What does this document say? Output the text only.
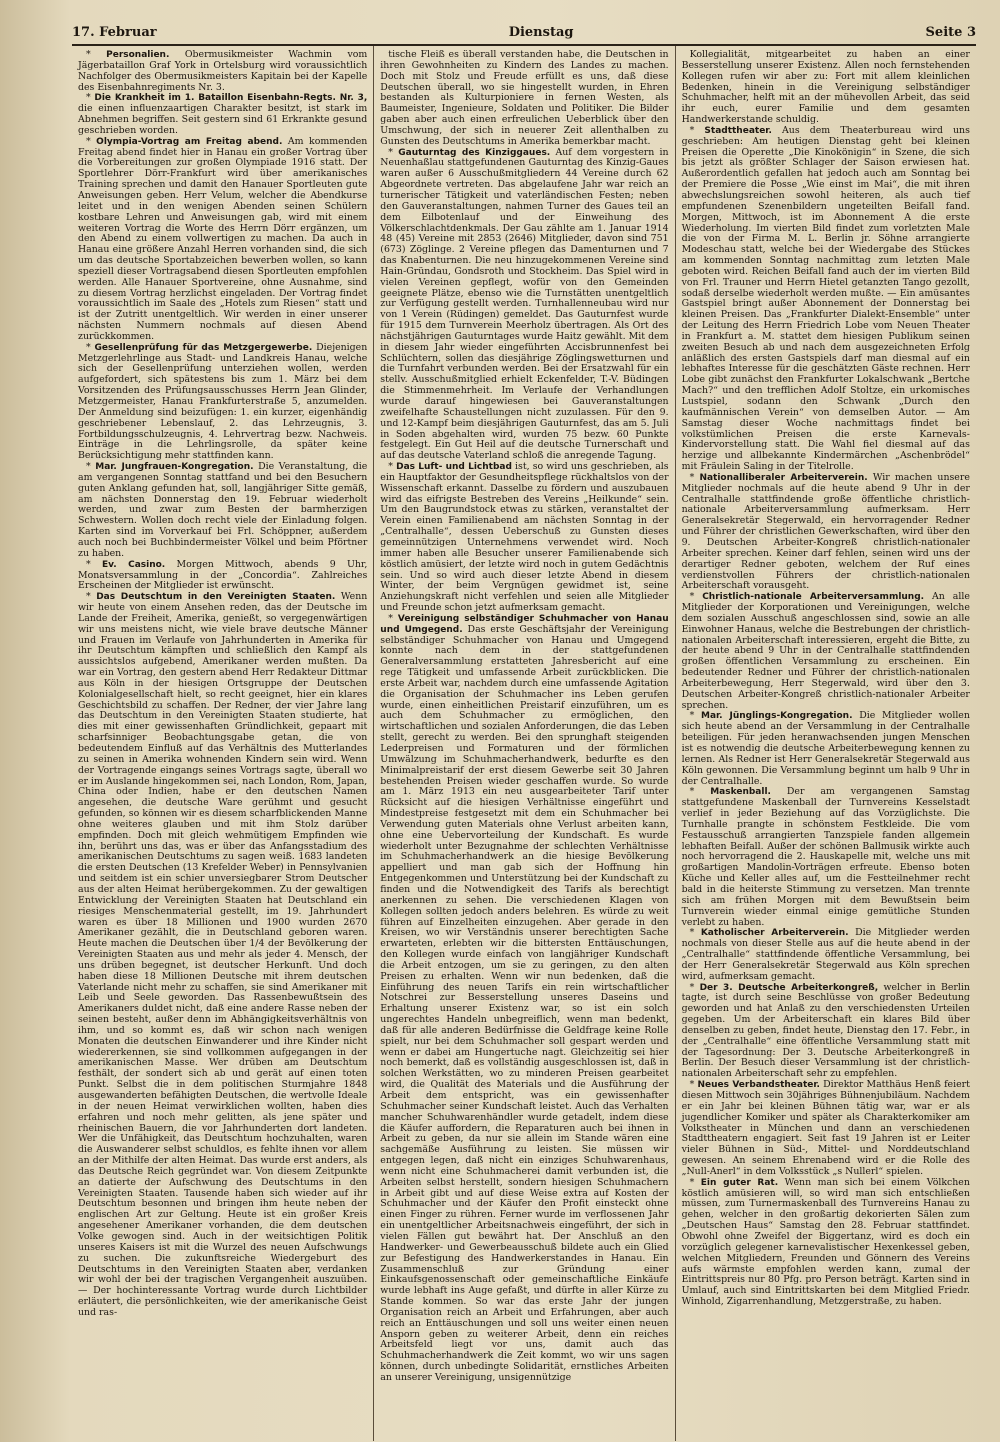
17. Februar	Dienstag	Seite 3

* Personalien. Obermusikmeister Wachmin vom Jägerbataillon Graf York in Ortelsburg wird voraussichtlich Nachfolger des Obermusikmeisters Kapitain bei der Kapelle des Eisenbahnregiments Nr. 3.

* Die Krankheit im 1. Bataillon Eisenbahn-Regts. Nr. 3, die einen influenzaartigen Charakter besitzt, ist stark im Abnehmen begriffen. Seit gestern sind 61 Erkrankte gesund geschrieben worden.

* Olympia-Vortrag am Freitag abend. Am kommenden Freitag abend findet hier in Hanau ein großer Vortrag über die Vorbereitungen zur großen Olympiade 1916 statt. Der Sportlehrer Dörr-Frankfurt wird über amerikanisches Training sprechen und damit den Hanauer Sportleuten gute Anweisungen geben. Herr Velum, welcher die Abendkurse leitet und in den wenigen Abenden seinen Schülern kostbare Lehren und Anweisungen gab, wird mit einem weiteren Vortrag die Worte des Herrn Dörr ergänzen, um den Abend zu einem vollwertigen zu machen. Da auch in Hanau eine größere Anzahl Herren vorhanden sind, die sich um das deutsche Sportabzeichen bewerben wollen, so kann speziell dieser Vortragsabend diesen Sportleuten empfohlen werden. Alle Hanauer Sportvereine, ohne Ausnahme, sind zu diesem Vortrag herzlichst eingeladen. Der Vortrag findet voraussichtlich im Saale des „Hotels zum Riesen“ statt und ist der Zutritt unentgeltlich. Wir werden in einer unserer nächsten Nummern nochmals auf diesen Abend zurückkommen.

* Gesellenprüfung für das Metzgergewerbe. Diejenigen Metzgerlehrlinge aus Stadt- und Landkreis Hanau, welche sich der Gesellenprüfung unterziehen wollen, werden aufgefordert, sich spätestens bis zum 1. März bei dem Vorsitzenden des Prüfungsausschusses Herrn Jean Glinder, Metzgermeister, Hanau Frankfurterstraße 5, anzumelden. Der Anmeldung sind beizufügen: 1. ein kurzer, eigenhändig geschriebener Lebenslauf, 2. das Lehrzeugnis, 3. Fortbildungsschulzeugnis, 4. Lehrvertrag bezw. Nachweis. Einträge in die Lehrlingsrolle, da später keine Berücksichtigung mehr stattfinden kann.

* Mar. Jungfrauen-Kongregation. Die Veranstaltung, die am vergangenen Sonntag stattfand und bei den Besuchern guten Anklang gefunden hat, soll, langjähriger Sitte gemäß, am nächsten Donnerstag den 19. Februar wiederholt werden, und zwar zum Besten der barmherzigen Schwestern. Wollen doch recht viele der Einladung folgen. Karten sind im Vorverkauf bei Frl. Schöppner, außerdem auch noch bei Buchbindermeister Völkel und beim Pförtner zu haben.

* Ev. Casino. Morgen Mittwoch, abends 9 Uhr, Monatsversammlung in der „Concordia“. Zahlreiches Erscheinen der Mitglieder ist erwünscht.

* Das Deutschtum in den Vereinigten Staaten. Wenn wir heute von einem Ansehen reden, das der Deutsche im Lande der Freiheit, Amerika, genießt, so vergegenwärtigen wir uns meistens nicht, wie viele brave deutsche Männer und Frauen im Verlaufe von Jahrhunderten in Amerika für ihr Deutschtum kämpften und schließlich den Kampf als aussichtslos aufgebend, Amerikaner werden mußten. Da war ein Vortrag, den gestern abend Herr Redakteur Dittmar aus Köln in der hiesigen Ortsgruppe der Deutschen Kolonialgesellschaft hielt, so recht geeignet, hier ein klares Geschichtsbild zu schaffen. Der Redner, der vier Jahre lang das Deutschtum in den Vereinigten Staaten studierte, hat dies mit einer gewissenhaften Gründlichkeit, gepaart mit scharfsinniger Beobachtungsgabe getan, die von bedeutendem Einfluß auf das Verhältnis des Mutterlandes zu seinen in Amerika wohnenden Kindern sein wird. Wenn der Vortragende eingangs seines Vortrags sagte, überall wo er im Auslande hingekommen sei, nach London, Rom, Japan, China oder Indien, habe er den deutschen Namen angesehen, die deutsche Ware gerühmt und gesucht gefunden, so können wir es diesem scharfblickenden Manne ohne weiteres glauben und mit ihm Stolz darüber empfinden. Doch mit gleich wehmütigem Empfinden wie ihn, berührt uns das, was er über das Anfangsstadium des amerikanischen Deutschtums zu sagen weiß. 1683 landeten die ersten Deutschen (13 Krefelder Weber) in Pennsylvanien und seitdem ist ein schier unversiegbarer Strom Deutscher aus der alten Heimat herübergekommen. Zu der gewaltigen Entwicklung der Vereinigten Staaten hat Deutschland ein riesiges Menschenmaterial gestellt, im 19. Jahrhundert waren es über 18 Millionen und 1900 wurden 2670 Amerikaner gezählt, die in Deutschland geboren waren. Heute machen die Deutschen über 1/4 der Bevölkerung der Vereinigten Staaten aus und mehr als jeder 4. Mensch, der uns drüben begegnet, ist deutscher Herkunft. Und doch haben diese 18 Millionen Deutsche mit ihrem deutschen Vaterlande nicht mehr zu schaffen, sie sind Amerikaner mit Leib und Seele geworden. Das Rassenbewußtsein des Amerikaners duldet nicht, daß eine andere Rasse neben der seinen besteht, außer denn im Abhängigkeitsverhältnis von ihm, und so kommt es, daß wir schon nach wenigen Monaten die deutschen Einwanderer und ihre Kinder nicht wiedererkennen, sie sind vollkommen aufgegangen in der amerikanischen Masse. Wer drüben am Deutschtum festhält, der sondert sich ab und gerät auf einen toten Punkt. Selbst die in dem politischen Sturmjahre 1848 ausgewanderten befähigten Deutschen, die wertvolle Ideale in der neuen Heimat verwirklichen wollten, haben dies erfahren und noch mehr gelitten, als jene später und rheinischen Bauern, die vor Jahrhunderten dort landeten. Wer die Unfähigkeit, das Deutschtum hochzuhalten, waren die Auswanderer selbst schuldlos, es fehlte ihnen vor allem an der Mithilfe der alten Heimat. Das wurde erst anders, als das Deutsche Reich gegründet war. Von diesem Zeitpunkte an datierte der Aufschwung des Deutschtums in den Vereinigten Staaten. Tausende haben sich wieder auf ihr Deutschtum besonnen und bringen ihm heute neben der englischen Art zur Geltung. Heute ist ein großer Kreis angesehener Amerikaner vorhanden, die dem deutschen Volke gewogen sind. Auch in der weitsichtigen Politik unseres Kaisers ist mit die Wurzel des neuen Aufschwungs zu suchen. Die zukunftsreiche Wiedergeburt des Deutschtums in den Vereinigten Staaten aber, verdanken wir wohl der bei der tragischen Vergangenheit auszuüben. — Der hochinteressante Vortrag wurde durch Lichtbilder erläutert, die persönlichkeiten, wie der amerikanische Geist und ras-

tische Fleiß es überall verstanden habe, die Deutschen in ihren Gewohnheiten zu Kindern des Landes zu machen. Doch mit Stolz und Freude erfüllt es uns, daß diese Deutschen überall, wo sie hingestellt wurden, in Ehren bestanden als Kulturpioniere in fernen Westen, als Baumeister, Ingenieure, Soldaten und Politiker. Die Bilder gaben aber auch einen erfreulichen Ueberblick über den Umschwung, der sich in neuerer Zeit allenthalben zu Gunsten des Deutschtums in Amerika bemerkbar macht.

* Gauturntag des Kinziggaues. Auf dem vorgestern in Neuenhaßlau stattgefundenen Gauturntag des Kinzig-Gaues waren außer 6 Ausschußmitgliedern 44 Vereine durch 62 Abgeordnete vertreten. Das abgelaufene Jahr war reich an turnerischer Tätigkeit und vaterländischen Festen; neben den Gauveranstaltungen, nahmen Turner des Gaues teil an dem Eilbotenlauf und der Einweihung des Völkerschlachtdenkmals. Der Gau zählte am 1. Januar 1914 48 (45) Vereine mit 2853 (2646) Mitglieder, davon sind 751 (673) Zöglinge. 2 Vereine pflegen das Damenturnen und 7 das Knabenturnen. Die neu hinzugekommenen Vereine sind Hain-Gründau, Gondsroth und Stockheim. Das Spiel wird in vielen Vereinen gepflegt, wofür von den Gemeinden geeignete Plätze, ebenso wie die Turnstätten unentgeltlich zur Verfügung gestellt werden. Turnhallenneubau wird nur von 1 Verein (Rüdingen) gemeldet. Das Gauturnfest wurde für 1915 dem Turnverein Meerholz übertragen. Als Ort des nächstjährigen Gauturntages wurde Haitz gewählt. Mit dem in diesem Jahr wieder eingeführten Accisbrunnenfest bei Schlüchtern, sollen das diesjährige Zöglingswetturnen und die Turnfahrt verbunden werden. Bei der Ersatzwahl für ein stellv. Ausschußmitglied erhielt Eckenfelder, T.-V. Büdingen die Stimmenmehrheit. Im Verlaufe der Verhandlungen wurde darauf hingewiesen bei Gauveranstaltungen zweifelhafte Schaustellungen nicht zuzulassen. Für den 9. und 12-Kampf beim diesjährigen Gauturnfest, das am 5. Juli in Soden abgehalten wird, wurden 75 bezw. 60 Punkte festgelegt. Ein Gut Heil auf die deutsche Turnerschaft und auf das deutsche Vaterland schloß die anregende Tagung.

* Das Luft- und Lichtbad ist, so wird uns geschrieben, als ein Hauptfaktor der Gesundheitspflege rückhaltslos von der Wissenschaft erkannt. Dasselbe zu fördern und auszubauen wird das eifrigste Bestreben des Vereins „Heilkunde“ sein. Um den Baugrundstock etwas zu stärken, veranstaltet der Verein einen Familienabend am nächsten Sonntag in der „Centralhalle“, dessen Ueberschuß zu Gunsten dieses gemeinnützigen Unternehmens verwendet wird. Noch immer haben alle Besucher unserer Familienabende sich köstlich amüsiert, der letzte wird noch in gutem Gedächtnis sein. Und so wird auch dieser letzte Abend in diesem Winter, der beim Vergnügen gewidmet ist, seine Anziehungskraft nicht verfehlen und seien alle Mitglieder und Freunde schon jetzt aufmerksam gemacht.

* Vereinigung selbständiger Schuhmacher von Hanau und Umgegend. Das erste Geschäftsjahr der Vereinigung selbständiger Schuhmacher von Hanau und Umgegend konnte nach dem in der stattgefundenen Generalversammlung erstatteten Jahresbericht auf eine rege Tätigkeit und umfassende Arbeit zurückblicken. Die erste Arbeit war, nachdem durch eine umfassende Agitation die Organisation der Schuhmacher ins Leben gerufen wurde, einen einheitlichen Preistarif einzuführen, um es auch dem Schuhmacher zu ermöglichen, den wirtschaftlichen und sozialen Anforderungen, die das Leben stellt, gerecht zu werden. Bei den sprunghaft steigenden Lederpreisen und Formaturen und der förmlichen Umwälzung im Schuhmacherhandwerk, bedurfte es den Minimalpreistarif der erst diesem Gewerbe seit 30 Jahren bestehenden Preisen wieder geschaffen wurde. So wurde am 1. März 1913 ein neu ausgearbeiteter Tarif unter Rücksicht auf die hiesigen Verhältnisse eingeführt und Mindestpreise festgesetzt mit dem ein Schuhmacher bei Verwendung guten Materials ohne Verlust arbeiten kann, ohne eine Uebervorteilung der Kundschaft. Es wurde wiederholt unter Bezugnahme der schlechten Verhältnisse im Schuhmacherhandwerk an die hiesige Bevölkerung appelliert und man gab sich der Hoffnung hin Entgegenkommen und Unterstützung bei der Kundschaft zu finden und die Notwendigkeit des Tarifs als berechtigt anerkennen zu sehen. Die verschiedenen Klagen von Kollegen sollten jedoch anders belehren. Es würde zu weit führen auf Einzelheiten einzugehen. Aber gerade in den Kreisen, wo wir Verständnis unserer berechtigten Sache erwarteten, erlebten wir die bittersten Enttäuschungen, den Kollegen wurde einfach von langjähriger Kundschaft die Arbeit entzogen, um sie zu geringen, zu den alten Preisen zu erhalten. Wenn wir nun bedenken, daß die Einführung des neuen Tarifs ein rein wirtschaftlicher Notschrei zur Besserstellung unseres Daseins und Erhaltung unserer Existenz war, so ist ein solch ungerechtes Handeln unbegreiflich, wenn man bedenkt, daß für alle anderen Bedürfnisse die Geldfrage keine Rolle spielt, nur bei dem Schuhmacher soll gespart werden und wenn er dabei am Hungertuche nagt. Gleichzeitig sei hier noch bemerkt, daß es vollständig ausgeschlossen ist, daß in solchen Werkstätten, wo zu minderen Preisen gearbeitet wird, die Qualität des Materials und die Ausführung der Arbeit dem entspricht, was ein gewissenhafter Schuhmacher seiner Kundschaft leistet. Auch das Verhalten mancher Schuhwarenhändler wurde getadelt, indem diese die Käufer auffordern, die Reparaturen auch bei ihnen in Arbeit zu geben, da nur sie allein im Stande wären eine sachgemäße Ausführung zu leisten. Sie müssen wir entgegen legen, daß nicht ein einziges Schuhwarenhaus, wenn nicht eine Schuhmacherei damit verbunden ist, die Arbeiten selbst herstellt, sondern hiesigen Schuhmachern in Arbeit gibt und auf diese Weise extra auf Kosten der Schuhmacher und der Käufer den Profit einsteckt ohne einen Finger zu rühren. Ferner wurde im verflossenen Jahr ein unentgeltlicher Arbeitsnachweis eingeführt, der sich in vielen Fällen gut bewährt hat. Der Anschluß an den Handwerker- und Gewerbeausschuß bildete auch ein Glied zur Befestigung des Handwerkerstandes in Hanau. Ein Zusammenschluß zur Gründung einer Einkaufsgenossenschaft oder gemeinschaftliche Einkäufe wurde lebhaft ins Auge gefaßt, und dürfte in aller Kürze zu Stande kommen. So war das erste Jahr der jungen Organisation reich an Arbeit und Erfahrungen, aber auch reich an Enttäuschungen und soll uns weiter einen neuen Ansporn geben zu weiterer Arbeit, denn ein reiches Arbeitsfeld liegt vor uns, damit auch das Schuhmacherhandwerk die Zeit kommt, wo wir uns sagen können, durch unbedingte Solidarität, ernstliches Arbeiten an unserer Vereinigung, unsigennützige

Kollegialität, mitgearbeitet zu haben an einer Besserstellung unserer Existenz. Allen noch fernstehenden Kollegen rufen wir aber zu: Fort mit allem kleinlichen Bedenken, hinein in die Vereinigung selbständiger Schuhmacher, helft mit an der mühevollen Arbeit, das seid ihr euch, eurer Familie und dem gesamten Handwerkerstande schuldig.

* Stadttheater. Aus dem Theaterbureau wird uns geschrieben: Am heutigen Dienstag geht bei kleinen Preisen die Operette „Die Kinokönigin“ in Szene, die sich bis jetzt als größter Schlager der Saison erwiesen hat. Außerordentlich gefallen hat jedoch auch am Sonntag bei der Premiere die Posse „Wie einst im Mai“, die mit ihren abwechslungsreichen sowohl heiteren, als auch tief empfundenen Szenenbildern ungeteilten Beifall fand. Morgen, Mittwoch, ist im Abonnement A die erste Wiederholung. Im vierten Bild findet zum vorletzten Male die von der Firma M. L. Berlin jr. Söhne arrangierte Modeschau statt, welche bei der Wiedergabe des Stückes am kommenden Sonntag nachmittag zum letzten Male geboten wird. Reichen Beifall fand auch der im vierten Bild von Frl. Trauner und Herrn Hietel getanzten Tango gezollt, sodaß derselbe wiederholt werden mußte. — Ein amüsantes Gastspiel bringt außer Abonnement der Donnerstag bei kleinen Preisen. Das „Frankfurter Dialekt-Ensemble“ unter der Leitung des Herrn Friedrich Lobe vom Neuen Theater in Frankfurt a. M. stattet dem hiesigen Publikum seinen zweiten Besuch ab und nach dem ausgezeichneten Erfolg anläßlich des ersten Gastspiels darf man diesmal auf ein lebhaftes Interesse für die geschätzten Gäste rechnen. Herr Lobe gibt zunächst den Frankfurter Lokalschwank „Bertche Mach?“ und den trefflichen Adolf Stoltze, ein urkomisches Lustspiel, sodann den Schwank „Durch den kaufmännischen Verein“ von demselben Autor. — Am Samstag dieser Woche nachmittags findet bei volkstümlichen Preisen die erste Karnevals-Kindervorstellung statt. Die Wahl fiel diesmal auf das herzige und allbekannte Kindermärchen „Aschenbrödel“ mit Fräulein Saling in der Titelrolle.

* Nationalliberaler Arbeiterverein. Wir machen unsere Mitglieder nochmals auf die heute abend 9 Uhr in der Centralhalle stattfindende große öffentliche christlich-nationale Arbeiterversammlung aufmerksam. Herr Generalsekretär Stegerwald, ein hervorragender Redner und Führer der christlichen Gewerkschaften, wird über den 9. Deutschen Arbeiter-Kongreß christlich-nationaler Arbeiter sprechen. Keiner darf fehlen, seinen wird uns der derartiger Redner geboten, welchem der Ruf eines verdienstvollen Führers der christlich-nationalen Arbeiterschaft vorausgeht.

* Christlich-nationale Arbeiterversammlung. An alle Mitglieder der Korporationen und Vereinigungen, welche dem sozialen Ausschuß angeschlossen sind, sowie an alle Einwohner Hanaus, welche die Bestrebungen der christlich-nationalen Arbeiterschaft interessieren, ergeht die Bitte, zu der heute abend 9 Uhr in der Centralhalle stattfindenden großen öffentlichen Versammlung zu erscheinen. Ein bedeutender Redner und Führer der christlich-nationalen Arbeiterbewegung, Herr Stegerwald, wird über den 3. Deutschen Arbeiter-Kongreß christlich-nationaler Arbeiter sprechen.

* Mar. Jünglings-Kongregation. Die Mitglieder wollen sich heute abend an der Versammlung in der Centralhalle beteiligen. Für jeden heranwachsenden jungen Menschen ist es notwendig die deutsche Arbeiterbewegung kennen zu lernen. Als Redner ist Herr Generalsekretär Stegerwald aus Köln gewonnen. Die Versammlung beginnt um halb 9 Uhr in der Centralhalle.

* Maskenball. Der am vergangenen Samstag stattgefundene Maskenball der Turnvereins Kesselstadt verlief in jeder Beziehung auf das Vorzüglichste. Die Turnhalle prangte in schönstem Festkleide. Die vom Festausschuß arrangierten Tanzspiele fanden allgemein lebhaften Beifall. Außer der schönen Ballmusik wirkte auch noch hervorragend die 2. Hauskapelle mit, welche uns mit großartigen Mandolin-Vorträgen erfreute. Ebenso boten Küche und Keller alles auf, um die Festteilnehmer recht bald in die heiterste Stimmung zu versetzen. Man trennte sich am frühen Morgen mit dem Bewußtsein beim Turnverein wieder einmal einige gemütliche Stunden verlebt zu haben.

* Katholischer Arbeiterverein. Die Mitglieder werden nochmals von dieser Stelle aus auf die heute abend in der „Centralhalle“ stattfindende öffentliche Versammlung, bei der Herr Generalsekretär Stegerwald aus Köln sprechen wird, aufmerksam gemacht.

* Der 3. Deutsche Arbeiterkongreß, welcher in Berlin tagte, ist durch seine Beschlüsse von großer Bedeutung geworden und hat Anlaß zu den verschiedensten Urteilen gegeben. Um der Arbeiterschaft ein klares Bild über denselben zu geben, findet heute, Dienstag den 17. Febr., in der „Centralhalle“ eine öffentliche Versammlung statt mit der Tagesordnung: Der 3. Deutsche Arbeiterkongreß in Berlin. Der Besuch dieser Versammlung ist der christlich-nationalen Arbeiterschaft sehr zu empfehlen.

* Neues Verbandstheater. Direktor Matthäus Henß feiert diesen Mittwoch sein 30jähriges Bühnenjubiläum. Nachdem er ein Jahr bei kleinen Bühnen tätig war, war er als jugendlicher Komiker und später als Charakterkomiker am Volkstheater in München und dann an verschiedenen Stadttheatern engagiert. Seit fast 19 Jahren ist er Leiter vieler Bühnen in Süd-, Mittel- und Norddeutschland gewesen. An seinem Ehrenabend wird er die Rolle des „Null-Anerl“ in dem Volksstück „s Nullerl“ spielen.

* Ein guter Rat. Wenn man sich bei einem Völkchen köstlich amüsieren will, so wird man sich entschließen müssen, zum Turnermaskenball des Turnvereins Hanau zu gehen, welcher in den großartig dekorierten Sälen zum „Deutschen Haus“ Samstag den 28. Februar stattfindet. Obwohl ohne Zweifel der Biggertanz, wird es doch ein vorzüglich gelegener karnevalistischer Hexenkessel geben, welchen Mitgliedern, Freunden und Gönnern des Vereins aufs wärmste empfohlen werden kann, zumal der Eintrittspreis nur 80 Pfg. pro Person beträgt. Karten sind in Umlauf, auch sind Eintrittskarten bei dem Mitglied Friedr. Winhold, Zigarrenhandlung, Metzgerstraße, zu haben.
